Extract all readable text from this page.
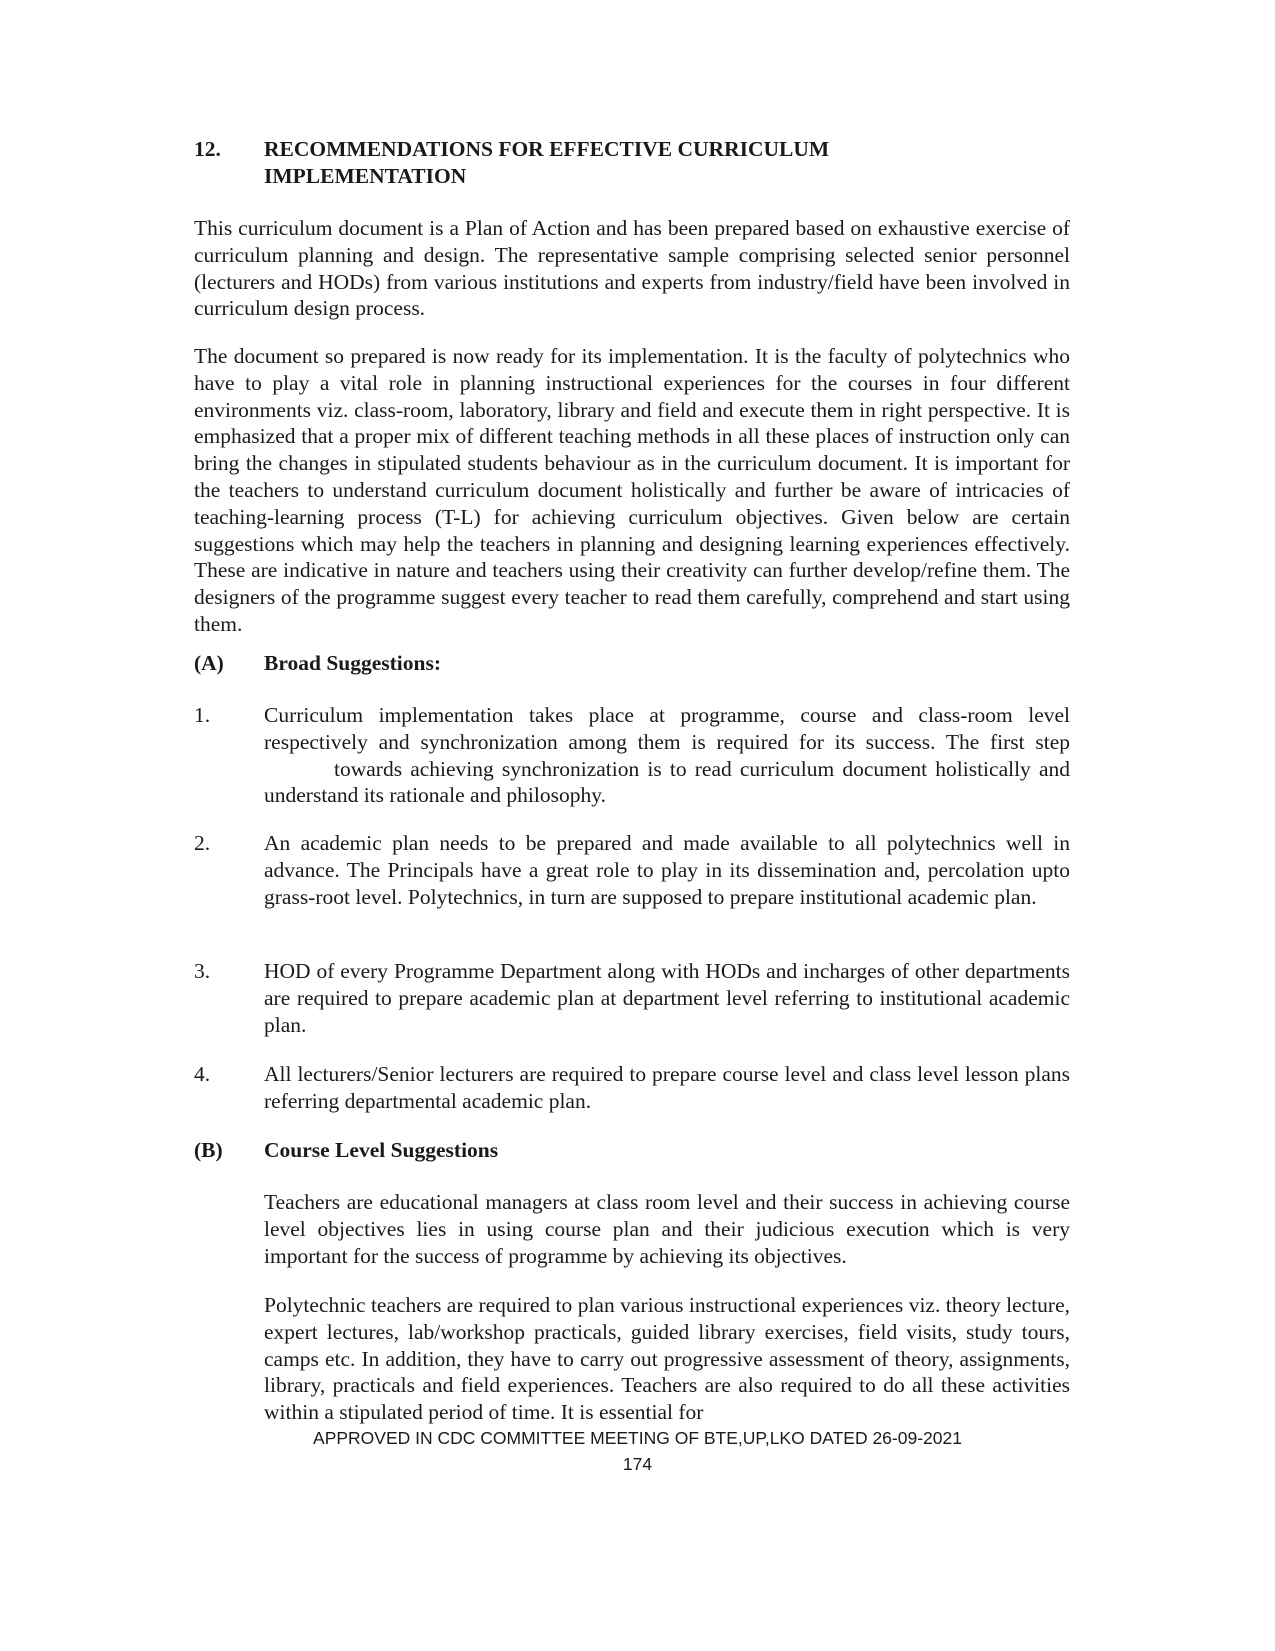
12. RECOMMENDATIONS FOR EFFECTIVE CURRICULUM IMPLEMENTATION
This curriculum document is a Plan of Action and has been prepared based on exhaustive exercise of curriculum planning and design. The representative sample comprising selected senior personnel (lecturers and HODs) from various institutions and experts from industry/field have been involved in curriculum design process.
The document so prepared is now ready for its implementation. It is the faculty of polytechnics who have to play a vital role in planning instructional experiences for the courses in four different environments viz. class-room, laboratory, library and field and execute them in right perspective. It is emphasized that a proper mix of different teaching methods in all these places of instruction only can bring the changes in stipulated students behaviour as in the curriculum document. It is important for the teachers to understand curriculum document holistically and further be aware of intricacies of teaching-learning process (T-L) for achieving curriculum objectives. Given below are certain suggestions which may help the teachers in planning and designing learning experiences effectively. These are indicative in nature and teachers using their creativity can further develop/refine them. The designers of the programme suggest every teacher to read them carefully, comprehend and start using them.
(A) Broad Suggestions:
1.	Curriculum implementation takes place at programme, course and class-room level respectively and synchronization among them is required for its success. The first step towards achieving synchronization is to read curriculum document holistically and understand its rationale and philosophy.
2.	An academic plan needs to be prepared and made available to all polytechnics well in advance. The Principals have a great role to play in its dissemination and, percolation upto grass-root level. Polytechnics, in turn are supposed to prepare institutional academic plan.
3.	HOD of every Programme Department along with HODs and incharges of other departments are required to prepare academic plan at department level referring to institutional academic plan.
4.	All lecturers/Senior lecturers are required to prepare course level and class level lesson plans referring departmental academic plan.
(B) Course Level Suggestions
Teachers are educational managers at class room level and their success in achieving course level objectives lies in using course plan and their judicious execution which is very important for the success of programme by achieving its objectives.
Polytechnic teachers are required to plan various instructional experiences viz. theory lecture, expert lectures, lab/workshop practicals, guided library exercises, field visits, study tours, camps etc. In addition, they have to carry out progressive assessment of theory, assignments, library, practicals and field experiences. Teachers are also required to do all these activities within a stipulated period of time. It is essential for
APPROVED IN CDC COMMITTEE MEETING OF BTE,UP,LKO DATED 26-09-2021
174
